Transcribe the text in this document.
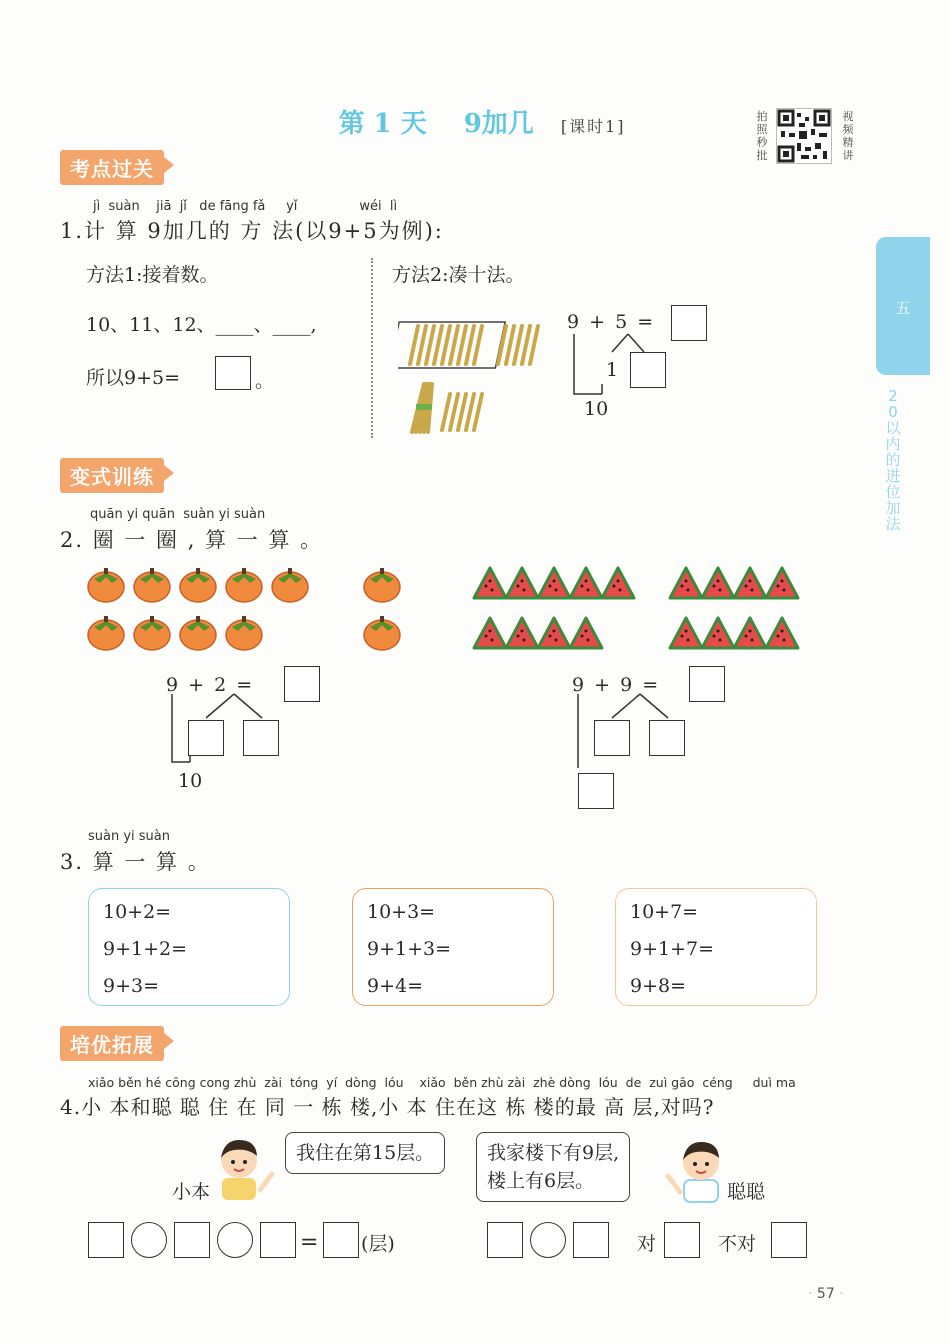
第 1 天 9加几 [课时1]
拍
照
秒
批
视
频
精
讲
五
2
0
以
内
的
进
位
加
法
考点过关
jì  suàn    jiā  jǐ   de fāng fǎ     yǐ               wéi  lì
1.计 算 9加几的 方 法(以9+5为例):
方法1:接着数。
10、11、12、____、____,
所以9+5=	。
方法2:凑十法。
9 + 5 =
1
10
变式训练
quān yi quān  suàn yi suàn
2. 圈 一 圈 , 算 一 算 。
9 + 2 =
10
9 + 9 =
suàn yi suàn
3. 算 一 算 。
10+2=
9+1+2=
9+3=
10+3=
9+1+3=
9+4=
10+7=
9+1+7=
9+8=
培优拓展
xiǎo běn hé cōng cong zhù  zài  tóng  yí  dòng  lóu    xiǎo  běn zhù zài  zhè dòng  lóu  de  zuì gāo  céng     duì ma
4.小 本和聪 聪 住 在 同 一 栋 楼,小 本 住在这 栋 楼的最 高 层,对吗?
小本
我住在第15层。	我家楼下有9层,
楼上有6层。	聪聪
= (层)	对	不对
· 57 ·
